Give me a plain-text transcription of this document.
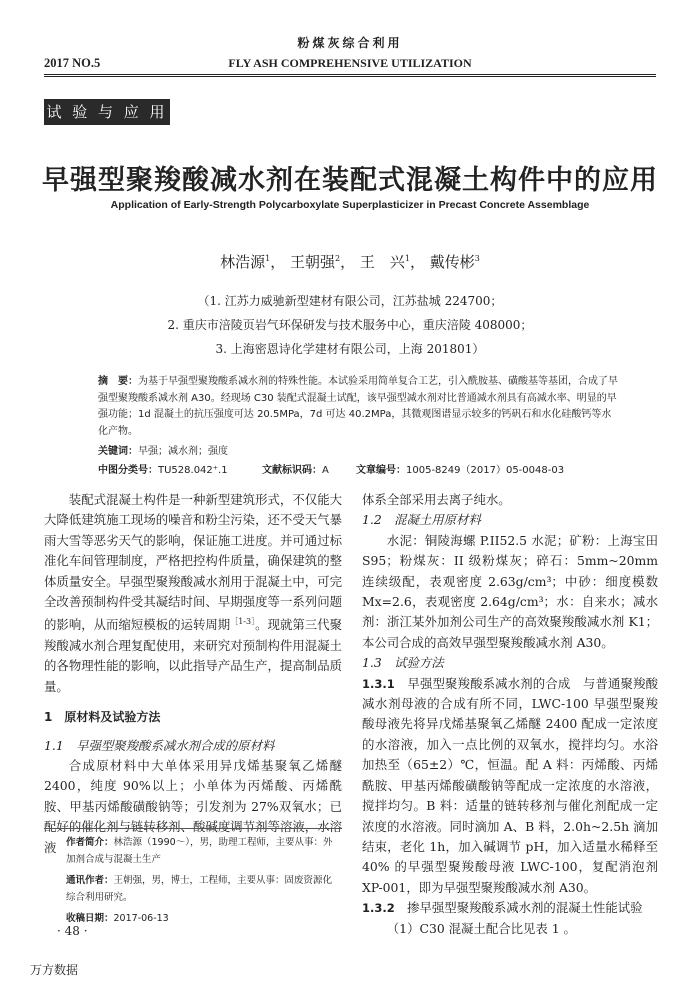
粉煤灰综合利用
2017 NO.5	FLY ASH COMPREHENSIVE UTILIZATION
试 验 与 应 用
早强型聚羧酸减水剂在装配式混凝土构件中的应用
Application of Early-Strength Polycarboxylate Superplasticizer in Precast Concrete Assemblage
林浩源$^1$， 王朝强$^2$， 王　兴$^1$， 戴传彬$^3$
（1. 江苏力威驰新型建材有限公司，江苏盐城 224700；
2. 重庆市涪陵页岩气环保研发与技术服务中心，重庆涪陵 408000；
3. 上海密恩诗化学建材有限公司，上海 201801）
摘　要：为基于早强型聚羧酸系减水剂的特殊性能。本试验采用简单复合工艺，引入酰胺基、磺酸基等基团，合成了早强型聚羧酸系减水剂 A30。经现场 C30 装配式混凝土试配，该早强型减水剂对比普通减水剂具有高减水率、明显的早强功能；1d 混凝土的抗压强度可达 20.5MPa，7d 可达 40.2MPa，其微观图谱显示较多的钙矾石和水化硅酸钙等水化产物。
关键词：早强；减水剂；强度
中图分类号：TU528.042⁺.1	文献标识码：A	文章编号：1005-8249（2017）05-0048-03

装配式混凝土构件是一种新型建筑形式，不仅能大大降低建筑施工现场的噪音和粉尘污染，还不受天气暴雨大雪等恶劣天气的影响，保证施工进度。并可通过标准化车间管理制度，严格把控构件质量，确保建筑的整体质量安全。早强型聚羧酸减水剂用于混凝土中，可完全改善预制构件受其凝结时间、早期强度等一系列问题的影响，从而缩短模板的运转周期$^{[1-3]}$。现就第三代聚羧酸减水剂合理复配使用，来研究对预制构件用混凝土的各物理性能的影响，以此指导产品生产，提高制品质量。

1　原材料及试验方法

1.1　早强型聚羧酸系减水剂合成的原材料

合成原材料中大单体采用异戊烯基聚氧乙烯醚 2400，纯度 90%以上；小单体为丙烯酸、丙烯酰胺、甲基丙烯酸磺酸钠等；引发剂为 27%双氧水；已配好的催化剂与链转移剂、酸碱度调节剂等溶液，水溶液	作者简介：林浩源（1990～），男，助理工程师，主要从事：外加剂合成与混凝土生产

通讯作者：王朝强，男，博士，工程师，主要从事：固废资源化综合利用研究。

收稿日期：2017-06-13

· 48 ·

体系全部采用去离子纯水。

1.2　混凝土用原材料

水泥：铜陵海螺 P.II52.5 水泥；矿粉：上海宝田 S95；粉煤灰：II 级粉煤灰；碎石：5mm~20mm 连续级配，表观密度 2.63g/cm³；中砂：细度模数 Mx=2.6，表观密度 2.64g/cm³；水：自来水；减水剂：浙江某外加剂公司生产的高效聚羧酸减水剂 K1；本公司合成的高效早强型聚羧酸减水剂 A30。

1.3　试验方法

1.3.1　早强型聚羧酸系减水剂的合成　与普通聚羧酸减水剂母液的合成有所不同，LWC-100 早强型聚羧酸母液先将异戊烯基聚氧乙烯醚 2400 配成一定浓度的水溶液，加入一点比例的双氧水，搅拌均匀。水浴加热至（65±2）℃，恒温。配 A 料：丙烯酸、丙烯酰胺、甲基丙烯酸磺酸钠等配成一定浓度的水溶液，搅拌均匀。B 料：适量的链转移剂与催化剂配成一定浓度的水溶液。同时滴加 A、B 料，2.0h~2.5h 滴加结束，老化 1h，加入碱调节 pH，加入适量水稀释至 40% 的早强型聚羧酸母液 LWC-100，复配消泡剂 XP-001，即为早强型聚羧酸减水剂 A30。

1.3.2　掺早强型聚羧酸系减水剂的混凝土性能试验

（1）C30 混凝土配合比见表 1 。

万方数据
